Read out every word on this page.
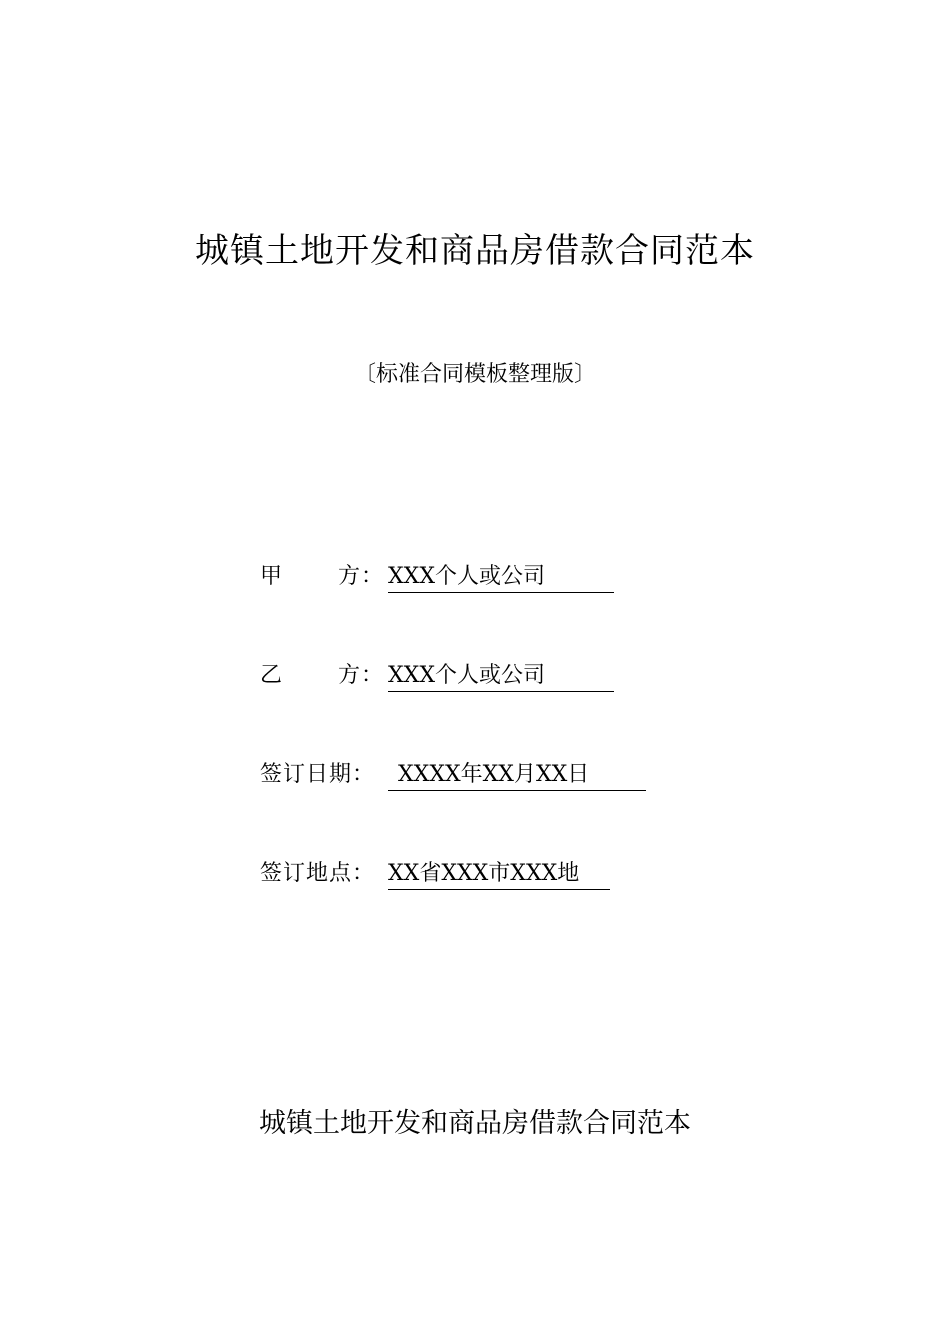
城镇土地开发和商品房借款合同范本
〔标准合同模板整理版〕
甲 方： XXX个人或公司
乙 方： XXX个人或公司
签订日期： XXXX年XX月XX日
签订地点： XX省XXX市XXX地
城镇土地开发和商品房借款合同范本
